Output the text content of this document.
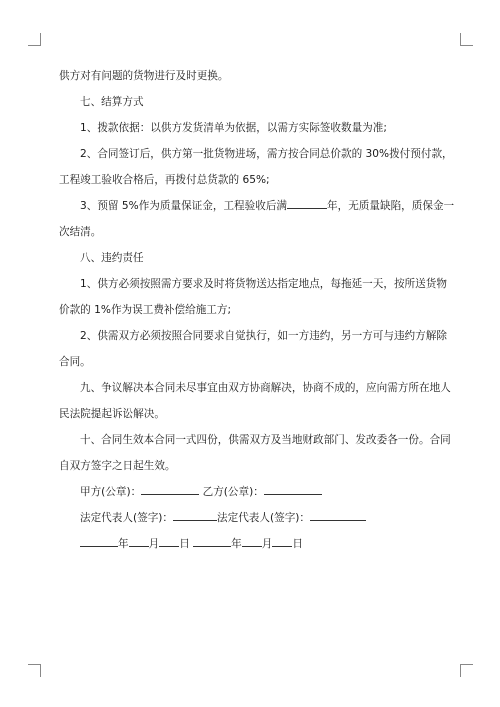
供方对有问题的货物进行及时更换。

七、结算方式

1、拨款依据：以供方发货清单为依据，以需方实际签收数量为准;

2、合同签订后，供方第一批货物进场，需方按合同总价款的 30%拨付预付款，

工程竣工验收合格后，再拨付总货款的 65%;

3、预留 5%作为质量保证金，工程验收后满	年，无质量缺陷，质保金一

次结清。

八、违约责任

1、供方必须按照需方要求及时将货物送达指定地点，每拖延一天，按所送货物

价款的 1%作为误工费补偿给施工方;

2、供需双方必须按照合同要求自觉执行，如一方违约，另一方可与违约方解除

合同。

九、争议解决本合同未尽事宜由双方协商解决，协商不成的，应向需方所在地人

民法院提起诉讼解决。

十、合同生效本合同一式四份，供需双方及当地财政部门、发改委各一份。合同

自双方签字之日起生效。

甲方(公章)：	乙方(公章)：

法定代表人(签字)：	法定代表人(签字)：

年 月 日	年 月 日
